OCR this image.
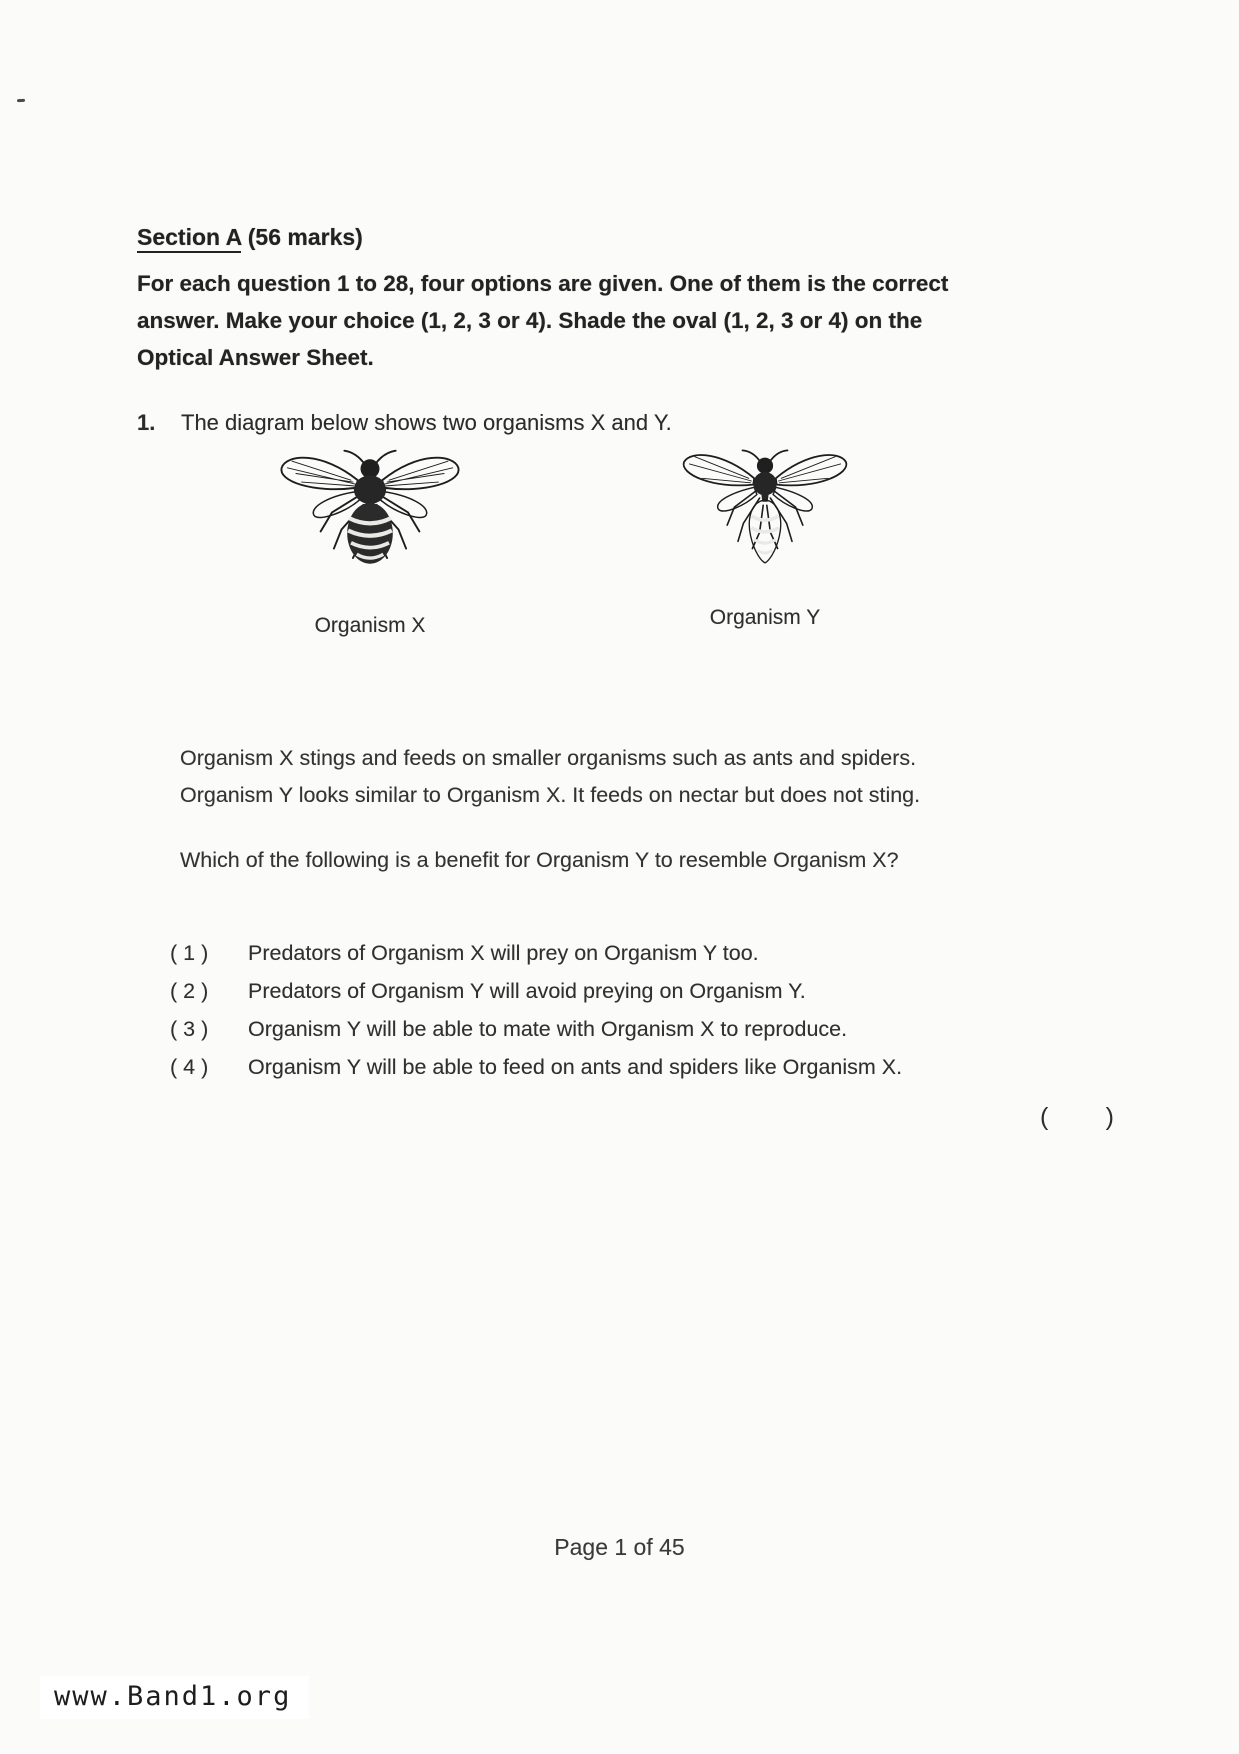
Section A (56 marks)
For each question 1 to 28, four options are given. One of them is the correct answer. Make your choice (1, 2, 3 or 4). Shade the oval (1, 2, 3 or 4) on the Optical Answer Sheet.
1.	The diagram below shows two organisms X and Y.
Organism X	Organism Y
Organism X stings and feeds on smaller organisms such as ants and spiders. Organism Y looks similar to Organism X. It feeds on nectar but does not sting.
Which of the following is a benefit for Organism Y to resemble Organism X?
( 1 )	Predators of Organism X will prey on Organism Y too.
( 2 )	Predators of Organism Y will avoid preying on Organism Y.
( 3 )	Organism Y will be able to mate with Organism X to reproduce.
( 4 )	Organism Y will be able to feed on ants and spiders like Organism X.
( )
Page 1 of 45
www.Band1.org
